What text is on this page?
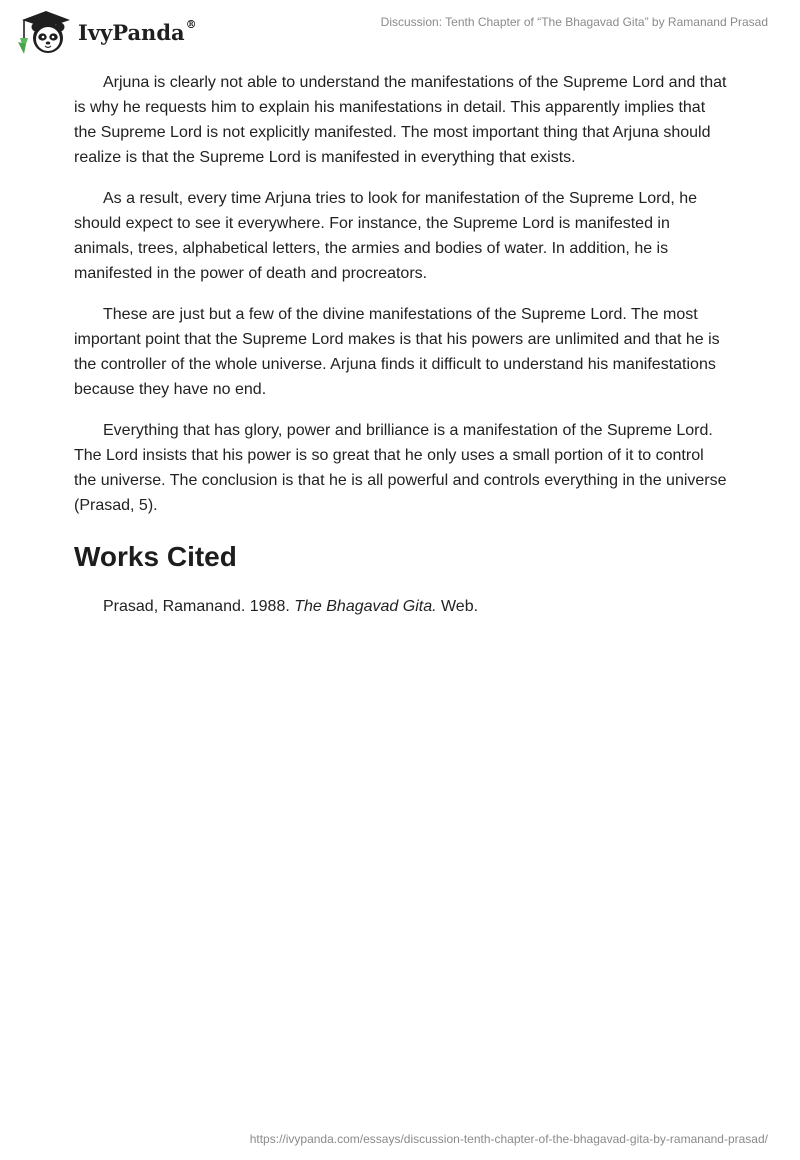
IvyPanda®	Discussion: Tenth Chapter of “The Bhagavad Gita” by Ramanand Prasad

Arjuna is clearly not able to understand the manifestations of the Supreme Lord and that is why he requests him to explain his manifestations in detail. This apparently implies that the Supreme Lord is not explicitly manifested. The most important thing that Arjuna should realize is that the Supreme Lord is manifested in everything that exists.

As a result, every time Arjuna tries to look for manifestation of the Supreme Lord, he should expect to see it everywhere. For instance, the Supreme Lord is manifested in animals, trees, alphabetical letters, the armies and bodies of water. In addition, he is manifested in the power of death and procreators.

These are just but a few of the divine manifestations of the Supreme Lord. The most important point that the Supreme Lord makes is that his powers are unlimited and that he is the controller of the whole universe. Arjuna finds it difficult to understand his manifestations because they have no end.

Everything that has glory, power and brilliance is a manifestation of the Supreme Lord. The Lord insists that his power is so great that he only uses a small portion of it to control the universe. The conclusion is that he is all powerful and controls everything in the universe (Prasad, 5).

Works Cited

Prasad, Ramanand. 1988. The Bhagavad Gita. Web.

https://ivypanda.com/essays/discussion-tenth-chapter-of-the-bhagavad-gita-by-ramanand-prasad/
